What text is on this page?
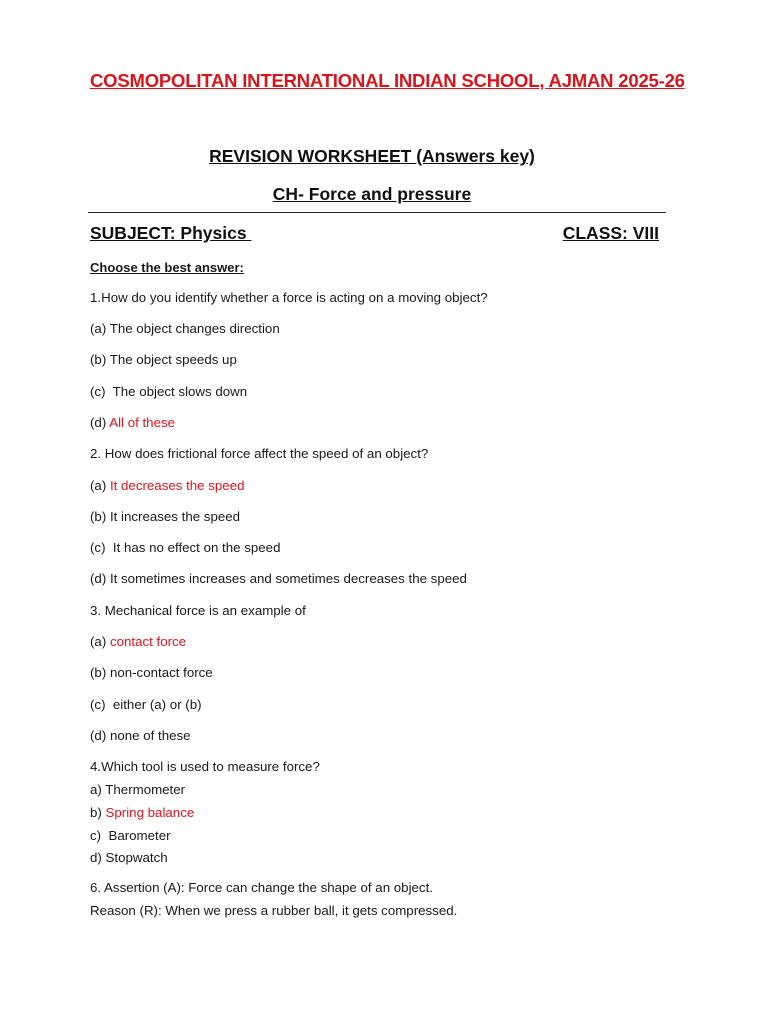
COSMOPOLITAN INTERNATIONAL INDIAN SCHOOL, AJMAN 2025-26
REVISION WORKSHEET (Answers key)
CH- Force and pressure
SUBJECT: Physics	CLASS: VIII
Choose the best answer:
1.How do you identify whether a force is acting on a moving object?
(a) The object changes direction
(b) The object speeds up
(c)  The object slows down
(d) All of these
2. How does frictional force affect the speed of an object?
(a) It decreases the speed
(b) It increases the speed
(c)  It has no effect on the speed
(d) It sometimes increases and sometimes decreases the speed
3. Mechanical force is an example of
(a) contact force
(b) non-contact force
(c)  either (a) or (b)
(d) none of these
4.Which tool is used to measure force?
a) Thermometer
b) Spring balance
c)  Barometer
d) Stopwatch
6. Assertion (A): Force can change the shape of an object.
Reason (R): When we press a rubber ball, it gets compressed.
